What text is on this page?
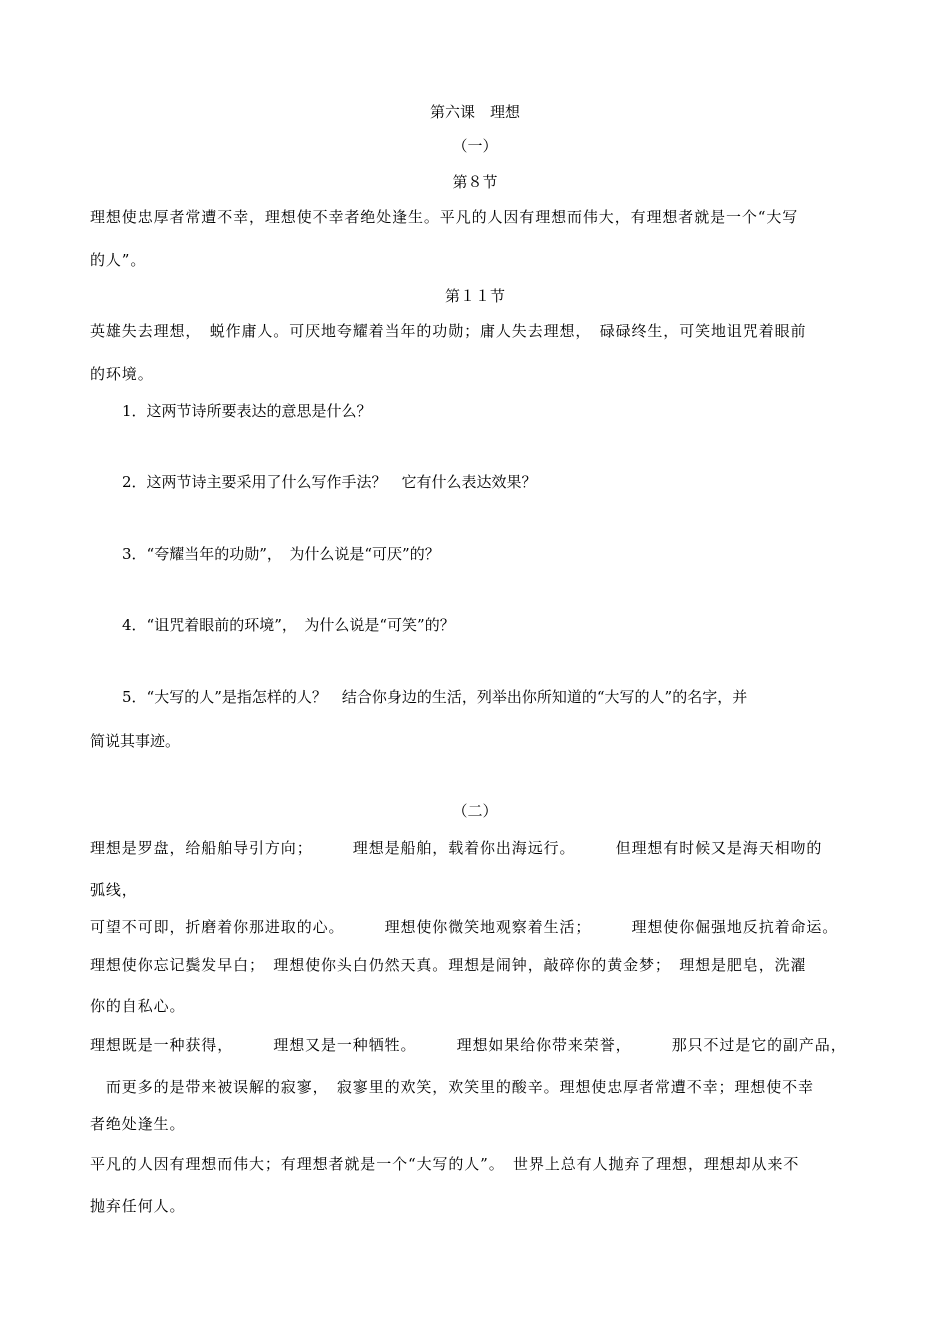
第六课　理想
（一）
第８节
理想使忠厚者常遭不幸，理想使不幸者绝处逢生。平凡的人因有理想而伟大，有理想者就是一个“大写
的人”。
第１１节
英雄失去理想，　蜕作庸人。可厌地夸耀着当年的功勋；庸人失去理想，　碌碌终生，可笑地诅咒着眼前
的环境。
1．这两节诗所要表达的意思是什么？
2．这两节诗主要采用了什么写作手法？　它有什么表达效果？
3．“夸耀当年的功勋”，　为什么说是“可厌”的？
4．“诅咒着眼前的环境”，　为什么说是“可笑”的？
5．“大写的人”是指怎样的人？　结合你身边的生活，列举出你所知道的“大写的人”的名字，并
简说其事迹。
（二）
理想是罗盘，给船舶导引方向；　　　理想是船舶，载着你出海远行。　　　但理想有时候又是海天相吻的
弧线，
可望不可即，折磨着你那进取的心。　　　理想使你微笑地观察着生活；　　　理想使你倔强地反抗着命运。
理想使你忘记鬓发早白；　理想使你头白仍然天真。理想是闹钟，敲碎你的黄金梦；　理想是肥皂，洗濯
你的自私心。
理想既是一种获得，　　　理想又是一种牺牲。　　　理想如果给你带来荣誉，　　　那只不过是它的副产品，
　而更多的是带来被误解的寂寥，　寂寥里的欢笑，欢笑里的酸辛。理想使忠厚者常遭不幸；理想使不幸
者绝处逢生。
平凡的人因有理想而伟大；有理想者就是一个“大写的人”。　世界上总有人抛弃了理想，理想却从来不
抛弃任何人。
